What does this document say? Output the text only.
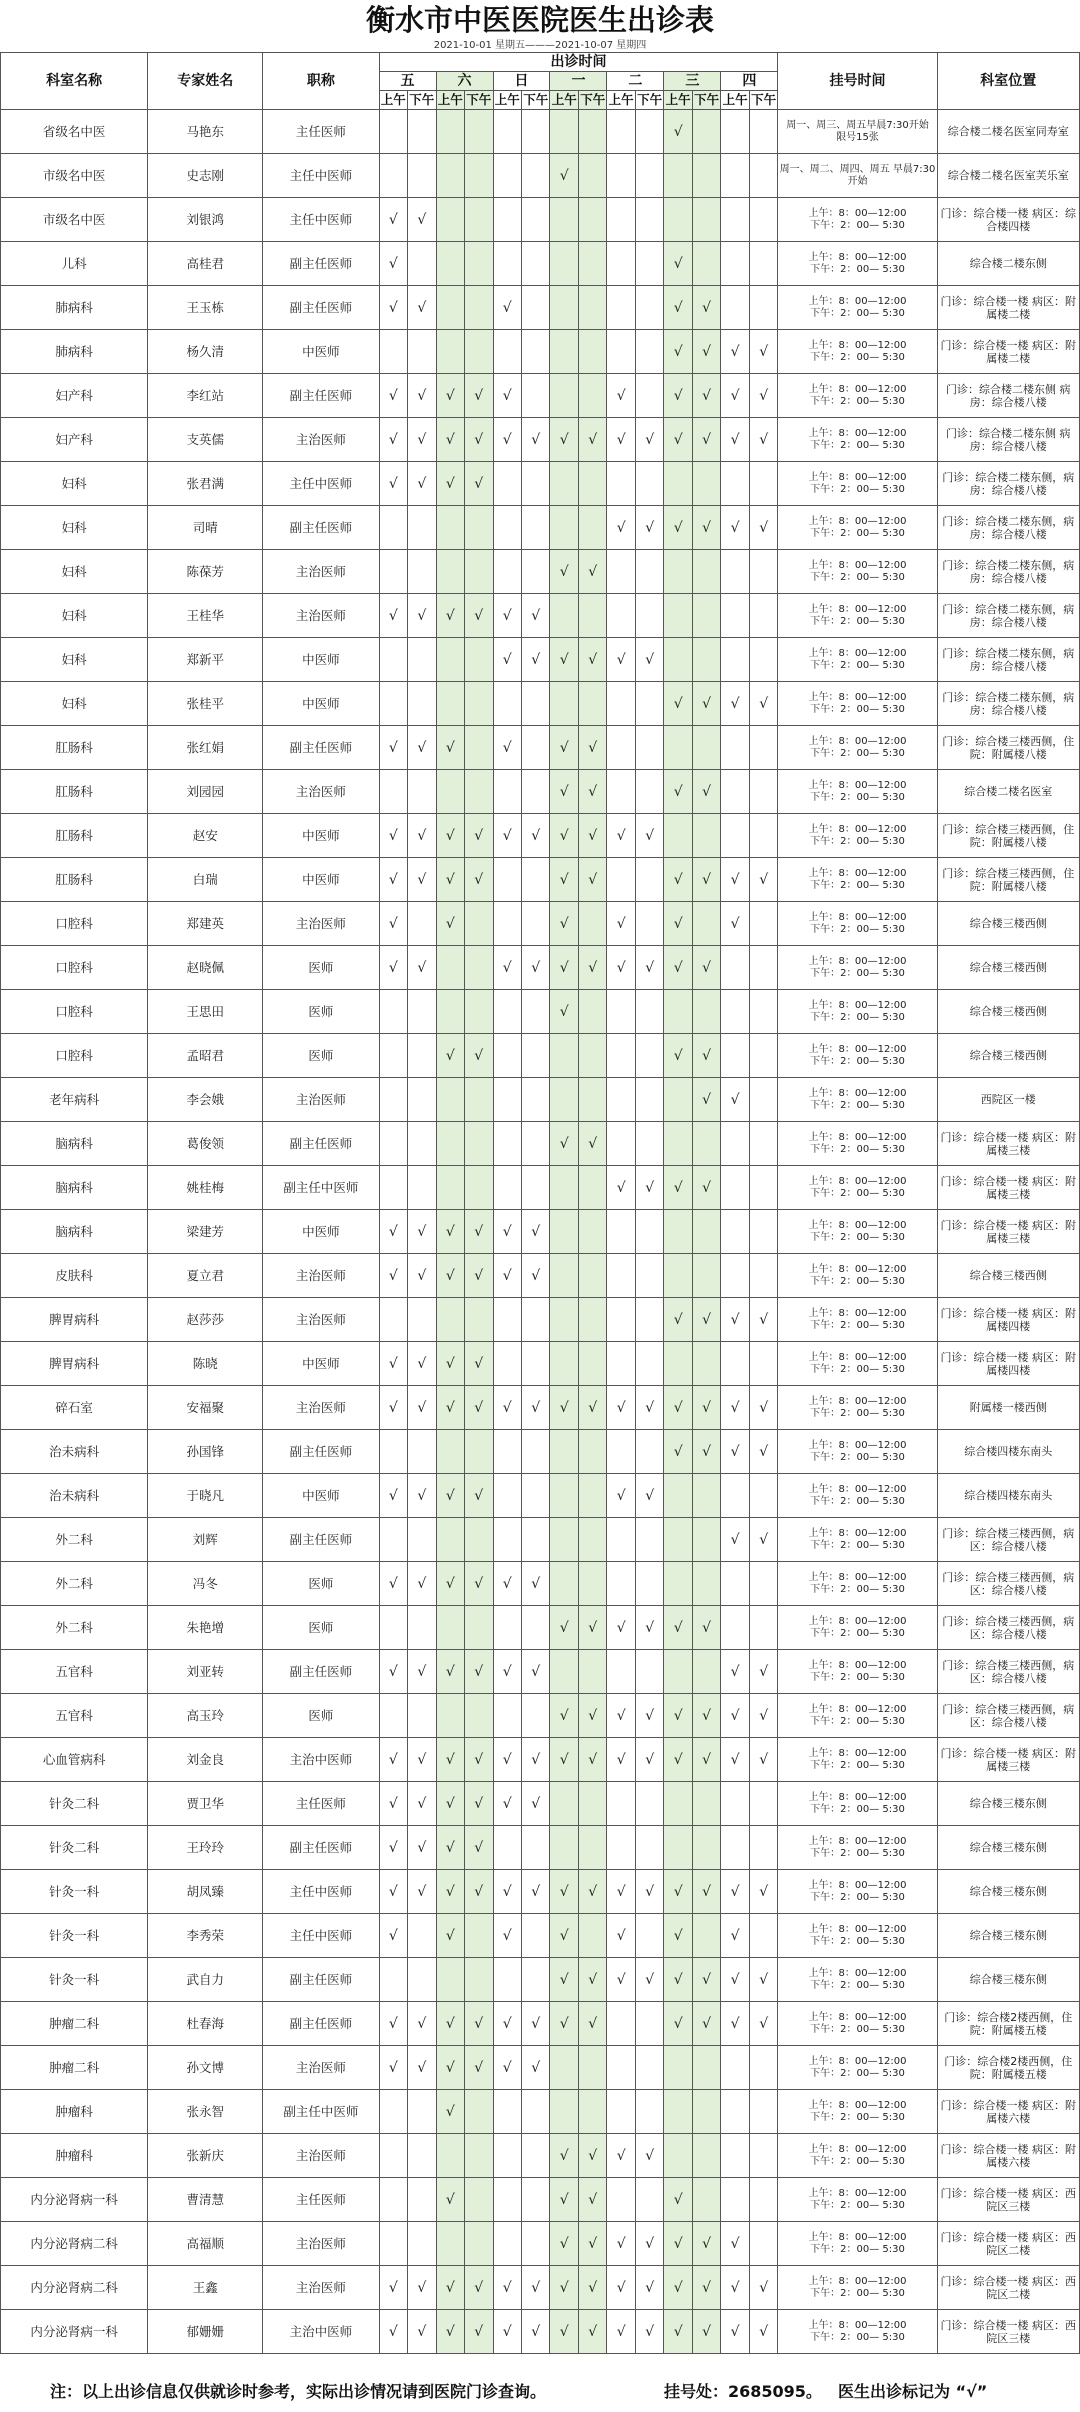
衡水市中医医院医生出诊表
2021-10-01 星期五———2021-10-07 星期四
科室名称	专家姓名	职称	出诊时间														挂号时间	科室位置
			五		六		日		一		二		三		四			
			上午	下午	上午	下午	上午	下午	上午	下午	上午	下午	上午	下午	上午	下午		
省级名中医	马艳东	主任医师											√				周一、周三、周五早晨7:30开始　限号15张	综合楼二楼名医室同寿室
市级名中医	史志刚	主任中医师							√								周一、周二、周四、周五 早晨7:30开始	综合楼二楼名医室芙乐室
市级名中医	刘银鸿	主任中医师	√	√													上午：8：00—12:00
下午：2：00— 5:30	门诊：综合楼一楼 病区：综合楼四楼
儿科	高桂君	副主任医师	√										√				上午：8：00—12:00
下午：2：00— 5:30	综合楼二楼东侧
肺病科	王玉栋	副主任医师	√	√			√						√	√			上午：8：00—12:00
下午：2：00— 5:30	门诊：综合楼一楼 病区：附属楼二楼
肺病科	杨久清	中医师											√	√	√	√	上午：8：00—12:00
下午：2：00— 5:30	门诊：综合楼一楼 病区：附属楼二楼
妇产科	李红站	副主任医师	√	√	√	√	√				√		√	√	√	√	上午：8：00—12:00
下午：2：00— 5:30	门诊：综合楼二楼东侧 病房：综合楼八楼
妇产科	支英儒	主治医师	√	√	√	√	√	√	√	√	√	√	√	√	√	√	上午：8：00—12:00
下午：2：00— 5:30	门诊：综合楼二楼东侧 病房：综合楼八楼
妇科	张君满	主任中医师	√	√	√	√											上午：8：00—12:00
下午：2：00— 5:30	门诊：综合楼二楼东侧，病房：综合楼八楼
妇科	司晴	副主任医师									√	√	√	√	√	√	上午：8：00—12:00
下午：2：00— 5:30	门诊：综合楼二楼东侧，病房：综合楼八楼
妇科	陈葆芳	主治医师							√	√							上午：8：00—12:00
下午：2：00— 5:30	门诊：综合楼二楼东侧，病房：综合楼八楼
妇科	王桂华	主治医师	√	√	√	√	√	√									上午：8：00—12:00
下午：2：00— 5:30	门诊：综合楼二楼东侧，病房：综合楼八楼
妇科	郑新平	中医师					√	√	√	√	√	√					上午：8：00—12:00
下午：2：00— 5:30	门诊：综合楼二楼东侧，病房：综合楼八楼
妇科	张桂平	中医师											√	√	√	√	上午：8：00—12:00
下午：2：00— 5:30	门诊：综合楼二楼东侧，病房：综合楼八楼
肛肠科	张红娟	副主任医师	√	√	√		√		√	√							上午：8：00—12:00
下午：2：00— 5:30	门诊：综合楼三楼西侧，住院：附属楼八楼
肛肠科	刘园园	主治医师							√	√			√	√			上午：8：00—12:00
下午：2：00— 5:30	综合楼二楼名医室
肛肠科	赵安	中医师	√	√	√	√	√	√	√	√	√	√					上午：8：00—12:00
下午：2：00— 5:30	门诊：综合楼三楼西侧，住院：附属楼八楼
肛肠科	白瑞	中医师	√	√	√	√			√	√			√	√	√	√	上午：8：00—12:00
下午：2：00— 5:30	门诊：综合楼三楼西侧，住院：附属楼八楼
口腔科	郑建英	主治医师	√		√				√		√		√		√		上午：8：00—12:00
下午：2：00— 5:30	综合楼三楼西侧
口腔科	赵晓佩	医师	√	√			√	√	√	√	√	√	√	√			上午：8：00—12:00
下午：2：00— 5:30	综合楼三楼西侧
口腔科	王思田	医师							√								上午：8：00—12:00
下午：2：00— 5:30	综合楼三楼西侧
口腔科	孟昭君	医师			√	√							√	√			上午：8：00—12:00
下午：2：00— 5:30	综合楼三楼西侧
老年病科	李会娥	主治医师												√	√		上午：8：00—12:00
下午：2：00— 5:30	西院区一楼
脑病科	葛俊领	副主任医师							√	√							上午：8：00—12:00
下午：2：00— 5:30	门诊：综合楼一楼 病区：附属楼三楼
脑病科	姚桂梅	副主任中医师									√	√	√	√			上午：8：00—12:00
下午：2：00— 5:30	门诊：综合楼一楼 病区：附属楼三楼
脑病科	梁建芳	中医师	√	√	√	√	√	√									上午：8：00—12:00
下午：2：00— 5:30	门诊：综合楼一楼 病区：附属楼三楼
皮肤科	夏立君	主治医师	√	√	√	√	√	√									上午：8：00—12:00
下午：2：00— 5:30	综合楼三楼西侧
脾胃病科	赵莎莎	主治医师											√	√	√	√	上午：8：00—12:00
下午：2：00— 5:30	门诊：综合楼一楼 病区：附属楼四楼
脾胃病科	陈晓	中医师	√	√	√	√											上午：8：00—12:00
下午：2：00— 5:30	门诊：综合楼一楼 病区：附属楼四楼
碎石室	安福聚	主治医师	√	√	√	√	√	√	√	√	√	√	√	√	√	√	上午：8：00—12:00
下午：2：00— 5:30	附属楼一楼西侧
治未病科	孙国锋	副主任医师											√	√	√	√	上午：8：00—12:00
下午：2：00— 5:30	综合楼四楼东南头
治未病科	于晓凡	中医师	√	√	√	√					√	√					上午：8：00—12:00
下午：2：00— 5:30	综合楼四楼东南头
外二科	刘辉	副主任医师													√	√	上午：8：00—12:00
下午：2：00— 5:30	门诊：综合楼三楼西侧，病区：综合楼八楼
外二科	冯冬	医师	√	√	√	√	√	√									上午：8：00—12:00
下午：2：00— 5:30	门诊：综合楼三楼西侧，病区：综合楼八楼
外二科	朱艳增	医师							√	√	√	√	√	√			上午：8：00—12:00
下午：2：00— 5:30	门诊：综合楼三楼西侧，病区：综合楼八楼
五官科	刘亚转	副主任医师	√	√	√	√	√	√							√	√	上午：8：00—12:00
下午：2：00— 5:30	门诊：综合楼三楼西侧，病区：综合楼八楼
五官科	高玉玲	医师							√	√	√	√	√	√	√	√	上午：8：00—12:00
下午：2：00— 5:30	门诊：综合楼三楼西侧，病区：综合楼八楼
心血管病科	刘金良	主治中医师	√	√	√	√	√	√	√	√	√	√	√	√	√	√	上午：8：00—12:00
下午：2：00— 5:30	门诊：综合楼一楼 病区：附属楼三楼
针灸二科	贾卫华	主任医师	√	√	√	√	√	√									上午：8：00—12:00
下午：2：00— 5:30	综合楼三楼东侧
针灸二科	王玲玲	副主任医师	√	√	√	√											上午：8：00—12:00
下午：2：00— 5:30	综合楼三楼东侧
针灸一科	胡凤臻	主任中医师	√	√	√	√	√	√	√	√	√	√	√	√	√	√	上午：8：00—12:00
下午：2：00— 5:30	综合楼三楼东侧
针灸一科	李秀荣	主任中医师	√		√		√		√		√		√		√		上午：8：00—12:00
下午：2：00— 5:30	综合楼三楼东侧
针灸一科	武自力	副主任医师							√	√	√	√	√	√	√	√	上午：8：00—12:00
下午：2：00— 5:30	综合楼三楼东侧
肿瘤二科	杜春海	副主任医师	√	√	√	√	√	√	√	√			√	√	√	√	上午：8：00—12:00
下午：2：00— 5:30	门诊：综合楼2楼西侧，住院：附属楼五楼
肿瘤二科	孙文博	主治医师	√	√	√	√	√	√									上午：8：00—12:00
下午：2：00— 5:30	门诊：综合楼2楼西侧，住院：附属楼五楼
肿瘤科	张永智	副主任中医师			√												上午：8：00—12:00
下午：2：00— 5:30	门诊：综合楼一楼 病区：附属楼六楼
肿瘤科	张新庆	主治医师							√	√	√	√					上午：8：00—12:00
下午：2：00— 5:30	门诊：综合楼一楼 病区：附属楼六楼
内分泌肾病一科	曹清慧	主任医师			√				√	√			√				上午：8：00—12:00
下午：2：00— 5:30	门诊：综合楼一楼 病区：西院区三楼
内分泌肾病二科	高福顺	主治医师							√	√	√	√	√	√	√		上午：8：00—12:00
下午：2：00— 5:30	门诊：综合楼一楼 病区：西院区二楼
内分泌肾病二科	王鑫	主治医师	√	√	√	√	√	√	√	√	√	√	√	√	√	√	上午：8：00—12:00
下午：2：00— 5:30	门诊：综合楼一楼 病区：西院区二楼
内分泌肾病一科	郁姗姗	主治中医师	√	√	√	√	√	√	√	√	√	√	√	√	√	√	上午：8：00—12:00
下午：2：00— 5:30	门诊：综合楼一楼 病区：西院区三楼
注：以上出诊信息仅供就诊时参考，实际出诊情况请到医院门诊查询。	挂号处：2685095。 医生出诊标记为 “√”
